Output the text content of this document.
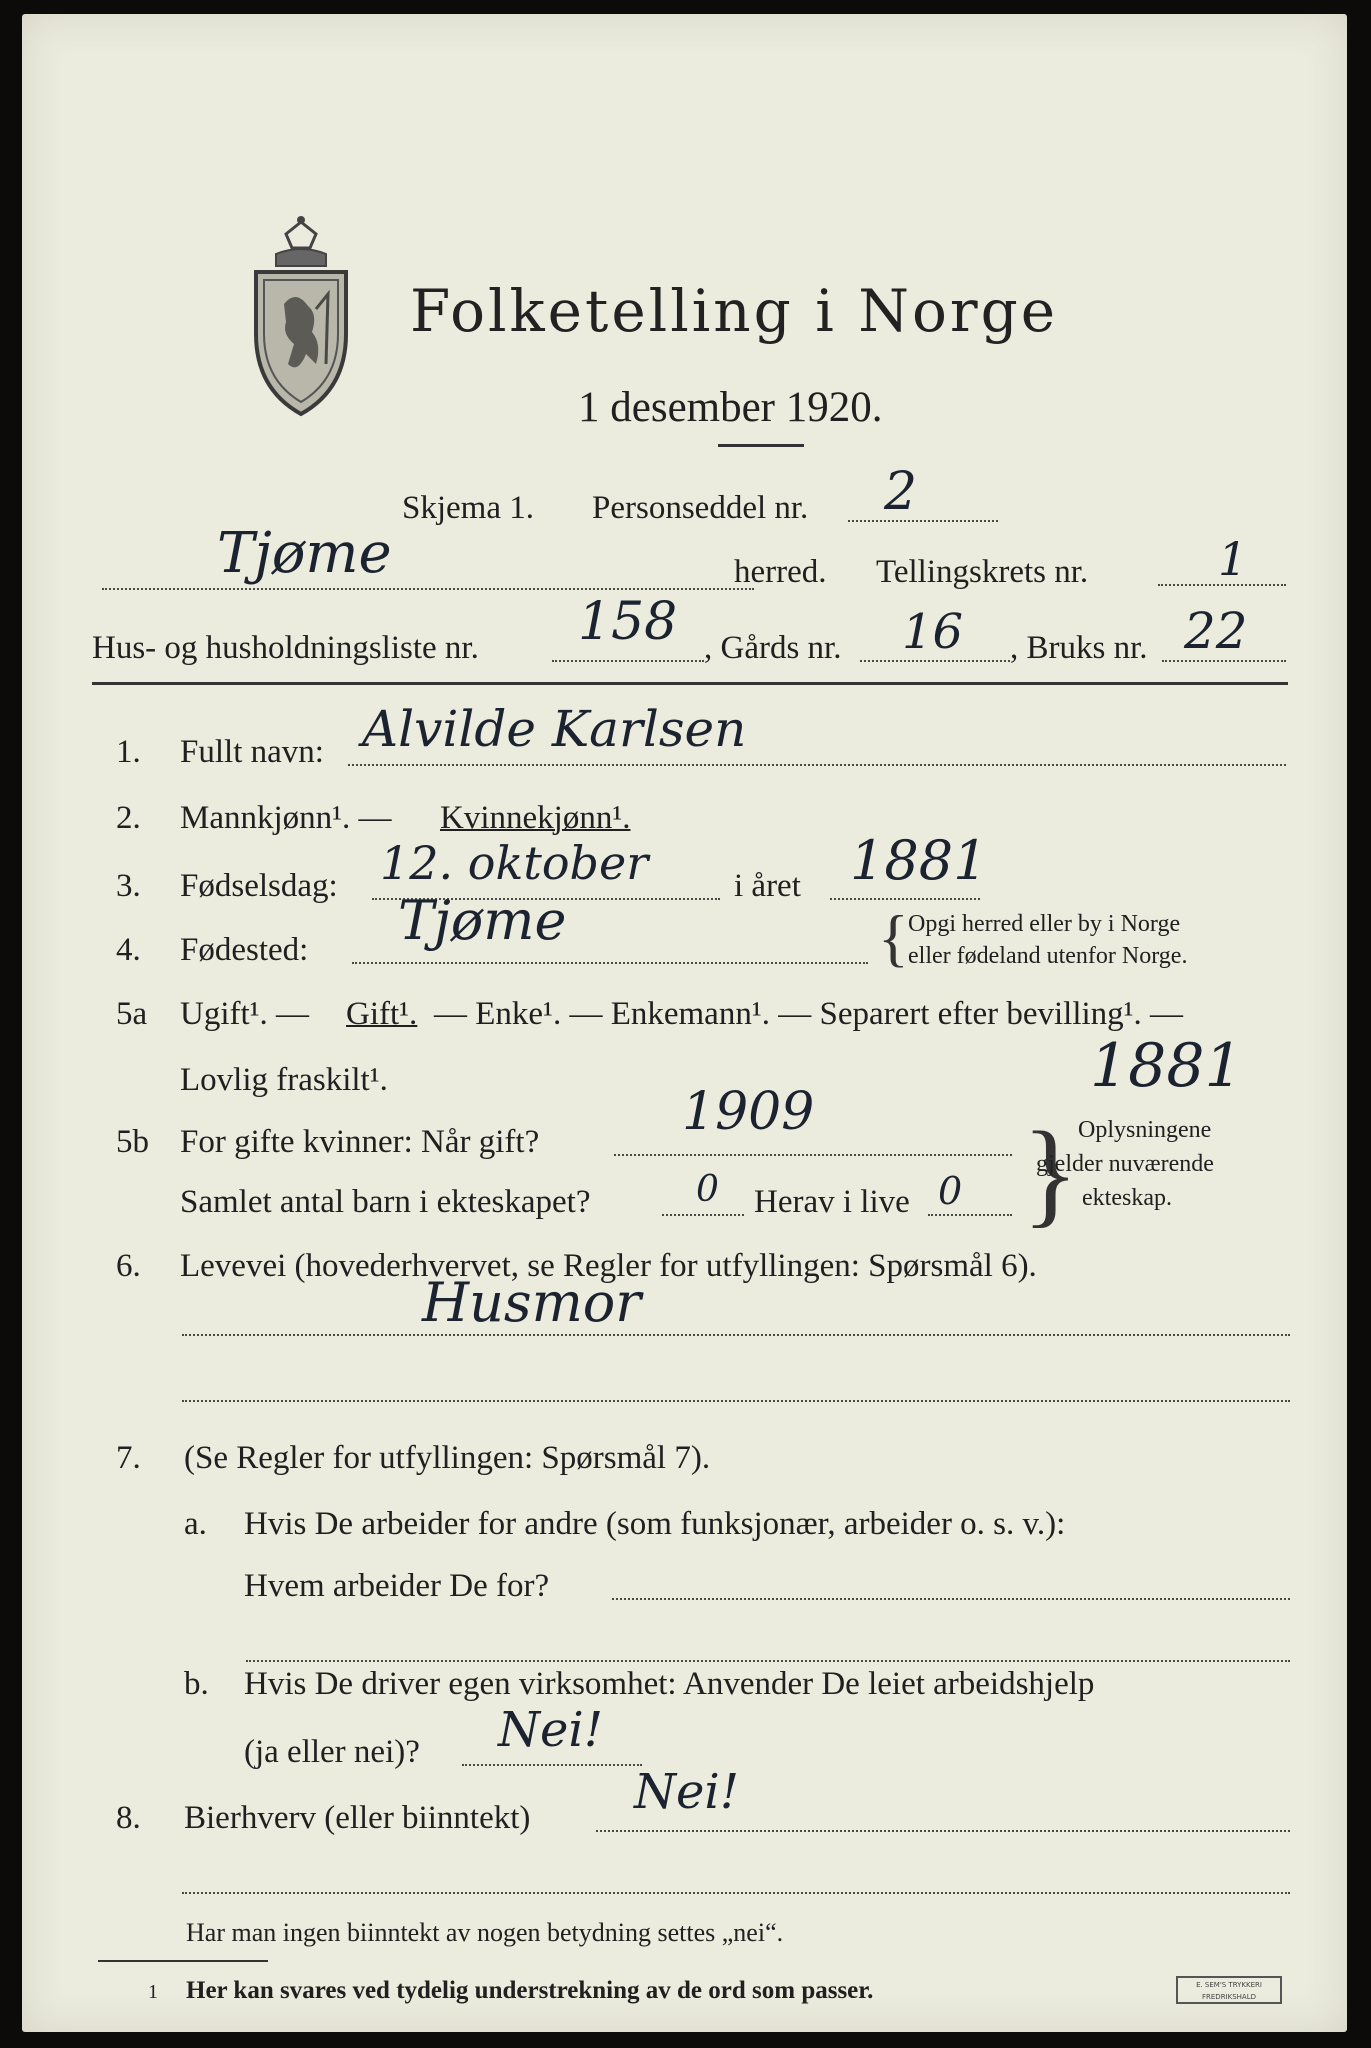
Folketelling i Norge
1 desember 1920.
Skjema 1. Personseddel nr. 2
Tjøme	herred. Tellingskrets nr.	1
Hus- og husholdningsliste nr. 158 , Gårds nr. 16 , Bruks nr. 22
1. Fullt navn: Alvilde Karlsen
2. Mannkjønn¹. — Kvinnekjønn¹.
3. Fødselsdag: 12. oktober	i året 1881
4. Fødested: Tjøme	{ Opgi herred eller by i Norge
eller fødeland utenfor Norge.
5a Ugift¹. — Gift¹. — Enke¹. — Enkemann¹. — Separert efter bevilling¹. —
Lovlig fraskilt¹.	1881
5b For gifte kvinner: Når gift?	1909
Samlet antal barn i ekteskapet?	0 Herav i live 0 } Oplysningene
gjelder nuværende
ekteskap.
6. Levevei (hovederhvervet, se Regler for utfyllingen: Spørsmål 6).
Husmor
7. (Se Regler for utfyllingen: Spørsmål 7).
a. Hvis De arbeider for andre (som funksjonær, arbeider o. s. v.):
Hvem arbeider De for?
b. Hvis De driver egen virksomhet: Anvender De leiet arbeidshjelp
(ja eller nei)? Nei!
8. Bierhverv (eller biinntekt) Nei!
Har man ingen biinntekt av nogen betydning settes „nei“.
1 Her kan svares ved tydelig understrekning av de ord som passer.	E. SEM'S TRYKKERI FREDRIKSHALD
